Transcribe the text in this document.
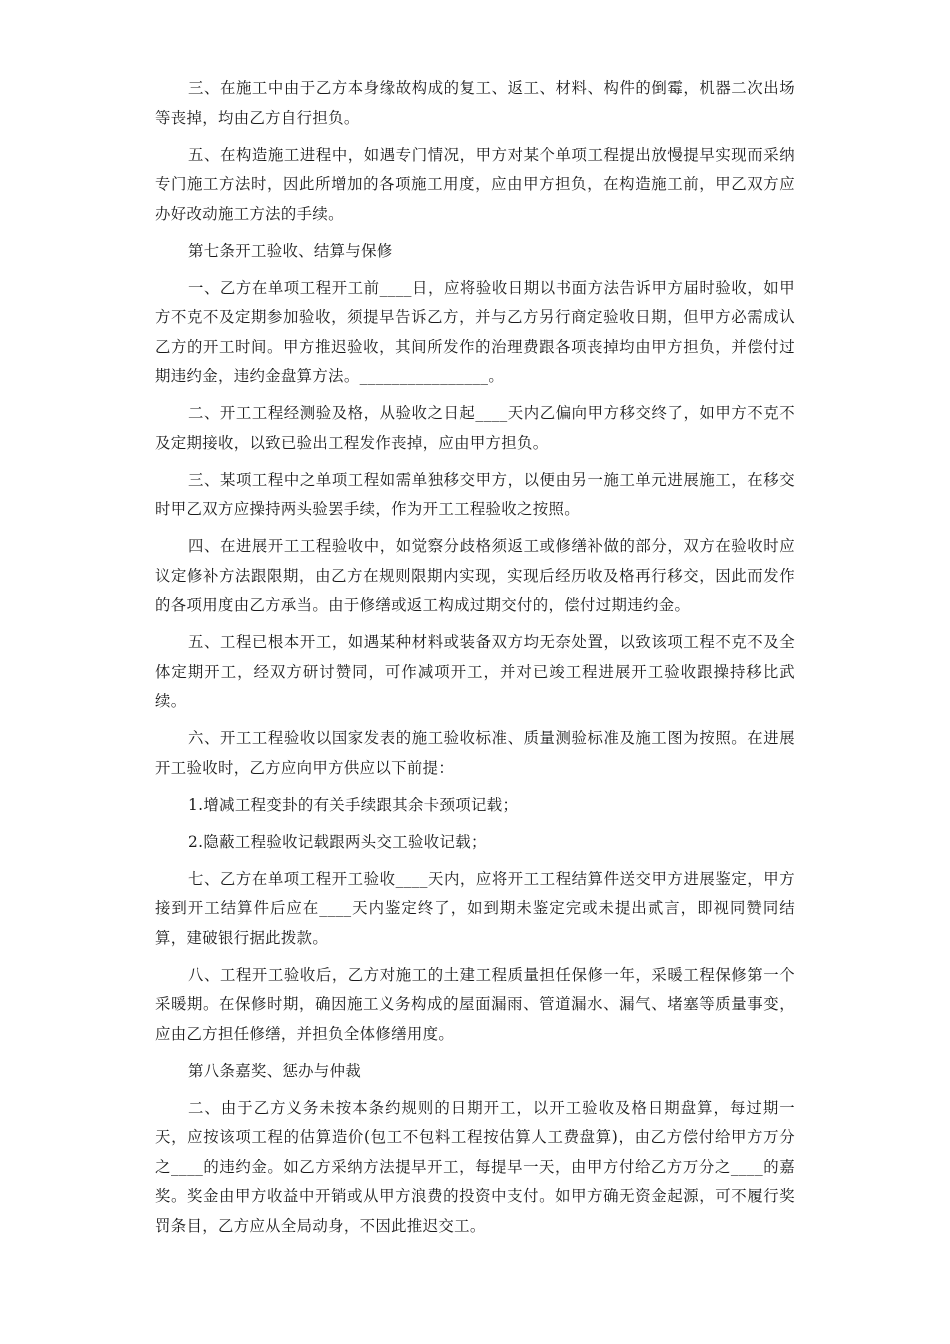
三、在施工中由于乙方本身缘故构成的复工、返工、材料、构件的倒霉，机器二次出场等丧掉，均由乙方自行担负。

五、在构造施工进程中，如遇专门情况，甲方对某个单项工程提出放慢提早实现而采纳专门施工方法时，因此所增加的各项施工用度，应由甲方担负，在构造施工前，甲乙双方应办好改动施工方法的手续。

第七条开工验收、结算与保修

一、乙方在单项工程开工前____日，应将验收日期以书面方法告诉甲方届时验收，如甲方不克不及定期参加验收，须提早告诉乙方，并与乙方另行商定验收日期，但甲方必需成认乙方的开工时间。甲方推迟验收，其间所发作的治理费跟各项丧掉均由甲方担负，并偿付过期违约金，违约金盘算方法。________________。

二、开工工程经测验及格，从验收之日起____天内乙偏向甲方移交终了，如甲方不克不及定期接收，以致已验出工程发作丧掉，应由甲方担负。

三、某项工程中之单项工程如需单独移交甲方，以便由另一施工单元进展施工，在移交时甲乙双方应操持两头验罢手续，作为开工工程验收之按照。

四、在进展开工工程验收中，如觉察分歧格须返工或修缮补做的部分，双方在验收时应议定修补方法跟限期，由乙方在规则限期内实现，实现后经历收及格再行移交，因此而发作的各项用度由乙方承当。由于修缮或返工构成过期交付的，偿付过期违约金。

五、工程已根本开工，如遇某种材料或装备双方均无奈处置，以致该项工程不克不及全体定期开工，经双方研讨赞同，可作减项开工，并对已竣工程进展开工验收跟操持移比武续。

六、开工工程验收以国家发表的施工验收标准、质量测验标准及施工图为按照。在进展开工验收时，乙方应向甲方供应以下前提：

1.增减工程变卦的有关手续跟其余卡颈项记载；

2.隐蔽工程验收记载跟两头交工验收记载；

七、乙方在单项工程开工验收____天内，应将开工工程结算件送交甲方进展鉴定，甲方接到开工结算件后应在____天内鉴定终了，如到期未鉴定完或未提出贰言，即视同赞同结算，建破银行据此拨款。

八、工程开工验收后，乙方对施工的土建工程质量担任保修一年，采暖工程保修第一个采暖期。在保修时期，确因施工义务构成的屋面漏雨、管道漏水、漏气、堵塞等质量事变，应由乙方担任修缮，并担负全体修缮用度。

第八条嘉奖、惩办与仲裁

二、由于乙方义务未按本条约规则的日期开工，以开工验收及格日期盘算，每过期一天，应按该项工程的估算造价(包工不包料工程按估算人工费盘算)，由乙方偿付给甲方万分之____的违约金。如乙方采纳方法提早开工，每提早一天，由甲方付给乙方万分之____的嘉奖。奖金由甲方收益中开销或从甲方浪费的投资中支付。如甲方确无资金起源，可不履行奖罚条目，乙方应从全局动身，不因此推迟交工。
